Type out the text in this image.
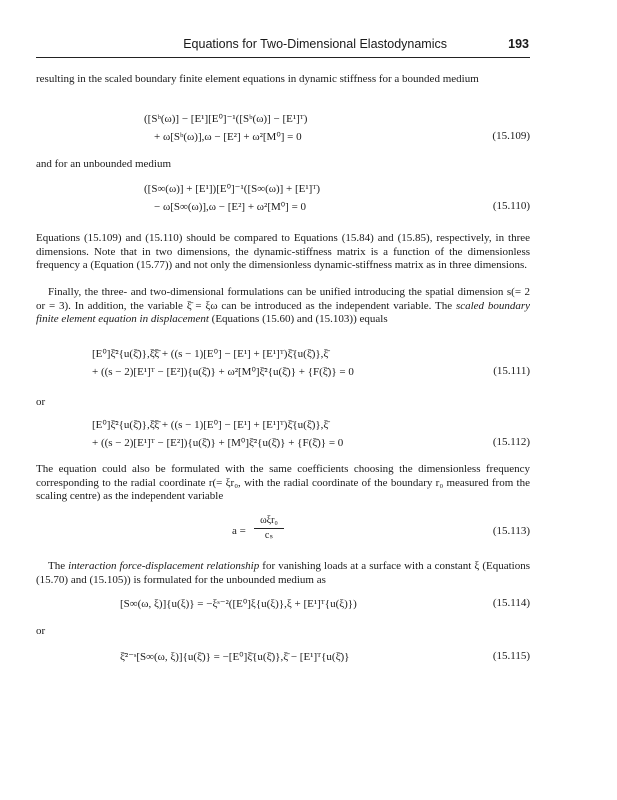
Equations for Two-Dimensional Elastodynamics	193

resulting in the scaled boundary finite element equations in dynamic stiffness for a bounded medium

([Sᵇ(ω)] − [E¹][E⁰]⁻¹([Sᵇ(ω)] − [E¹]ᵀ)
+ ω[Sᵇ(ω)],ω − [E²] + ω²[M⁰] = 0	(15.109)

and for an unbounded medium

([S∞(ω)] + [E¹])[E⁰]⁻¹([S∞(ω)] + [E¹]ᵀ)
− ω[S∞(ω)],ω − [E²] + ω²[M⁰] = 0	(15.110)

Equations (15.109) and (15.110) should be compared to Equations (15.84) and (15.85), respectively, in three dimensions. Note that in two dimensions, the dynamic-stiffness matrix is a function of the dimensionless frequency a (Equation (15.77)) and not only the dimensionless dynamic-stiffness matrix as in three dimensions.

Finally, the three- and two-dimensional formulations can be unified introducing the spatial dimension s(= 2 or = 3). In addition, the variable ξ̄ = ξω can be introduced as the independent variable. The scaled boundary finite element equation in displacement (Equations (15.60) and (15.103)) equals

[E⁰]ξ̄²{u(ξ̄)},ξ̄ξ̄ + ((s − 1)[E⁰] − [E¹] + [E¹]ᵀ)ξ̄{u(ξ̄)},ξ̄
+ ((s − 2)[E¹]ᵀ − [E²]){u(ξ̄)} + ω²[M⁰]ξ̄²{u(ξ̄)} + {F(ξ̄)} = 0	(15.111)
or
[E⁰]ξ̄²{u(ξ̄)},ξ̄ξ̄ + ((s − 1)[E⁰] − [E¹] + [E¹]ᵀ)ξ̄{u(ξ̄)},ξ̄
+ ((s − 2)[E¹]ᵀ − [E²]){u(ξ̄)} + [M⁰]ξ̄²{u(ξ̄)} + {F(ξ̄)} = 0	(15.112)

The equation could also be formulated with the same coefficients choosing the dimensionless frequency corresponding to the radial coordinate r(= ξr₀, with the radial coordinate of the boundary r₀ measured from the scaling centre) as the independent variable

a =
ωξr₀
cₛ	(15.113)

The interaction force-displacement relationship for vanishing loads at a surface with a constant ξ (Equations (15.70) and (15.105)) is formulated for the unbounded medium as

[S∞(ω, ξ)]{u(ξ)} = −ξˢ⁻²([E⁰]ξ{u(ξ)},ξ + [E¹]ᵀ{u(ξ)})	(15.114)
or
ξ̄²⁻ˢ[S∞(ω, ξ)]{u(ξ̄)} = −[E⁰]ξ̄{u(ξ̄)},ξ̄ − [E¹]ᵀ{u(ξ̄)}	(15.115)
